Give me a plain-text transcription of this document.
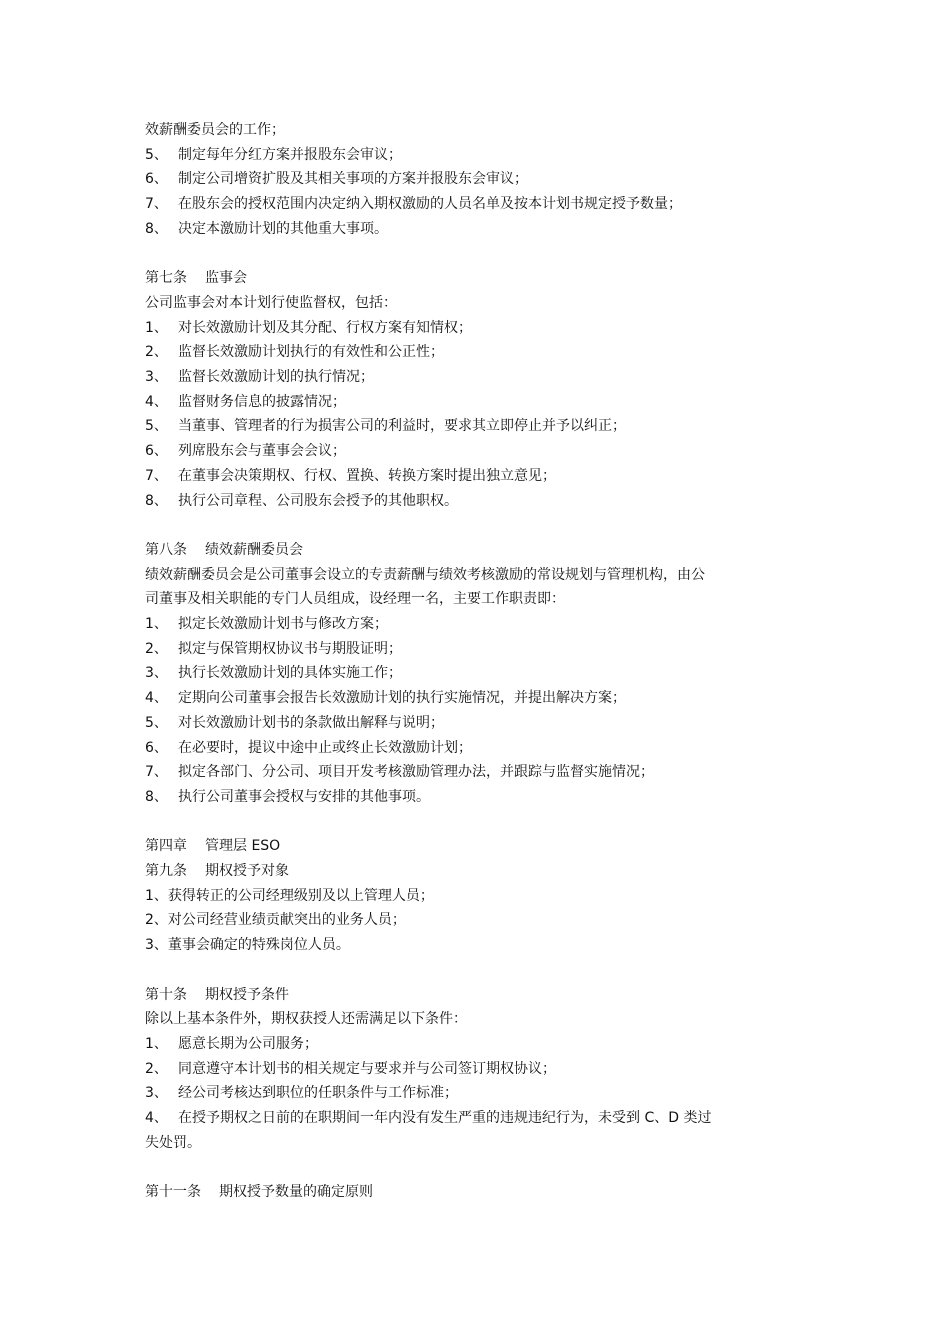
效薪酬委员会的工作；
5、 制定每年分红方案并报股东会审议；
6、 制定公司增资扩股及其相关事项的方案并报股东会审议；
7、 在股东会的授权范围内决定纳入期权激励的人员名单及按本计划书规定授予数量；
8、 决定本激励计划的其他重大事项。
第七条 监事会
公司监事会对本计划行使监督权，包括：
1、 对长效激励计划及其分配、行权方案有知情权；
2、 监督长效激励计划执行的有效性和公正性；
3、 监督长效激励计划的执行情况；
4、 监督财务信息的披露情况；
5、 当董事、管理者的行为损害公司的利益时，要求其立即停止并予以纠正；
6、 列席股东会与董事会会议；
7、 在董事会决策期权、行权、置换、转换方案时提出独立意见；
8、 执行公司章程、公司股东会授予的其他职权。
第八条 绩效薪酬委员会
绩效薪酬委员会是公司董事会设立的专责薪酬与绩效考核激励的常设规划与管理机构，由公
司董事及相关职能的专门人员组成，设经理一名，主要工作职责即：
1、 拟定长效激励计划书与修改方案；
2、 拟定与保管期权协议书与期股证明；
3、 执行长效激励计划的具体实施工作；
4、 定期向公司董事会报告长效激励计划的执行实施情况，并提出解决方案；
5、 对长效激励计划书的条款做出解释与说明；
6、 在必要时，提议中途中止或终止长效激励计划；
7、 拟定各部门、分公司、项目开发考核激励管理办法，并跟踪与监督实施情况；
8、 执行公司董事会授权与安排的其他事项。
第四章 管理层 ESO
第九条 期权授予对象
1、获得转正的公司经理级别及以上管理人员；
2、对公司经营业绩贡献突出的业务人员；
3、董事会确定的特殊岗位人员。
第十条 期权授予条件
除以上基本条件外，期权获授人还需满足以下条件：
1、 愿意长期为公司服务；
2、 同意遵守本计划书的相关规定与要求并与公司签订期权协议；
3、 经公司考核达到职位的任职条件与工作标准；
4、 在授予期权之日前的在职期间一年内没有发生严重的违规违纪行为，未受到 C、D 类过
失处罚。
第十一条 期权授予数量的确定原则
